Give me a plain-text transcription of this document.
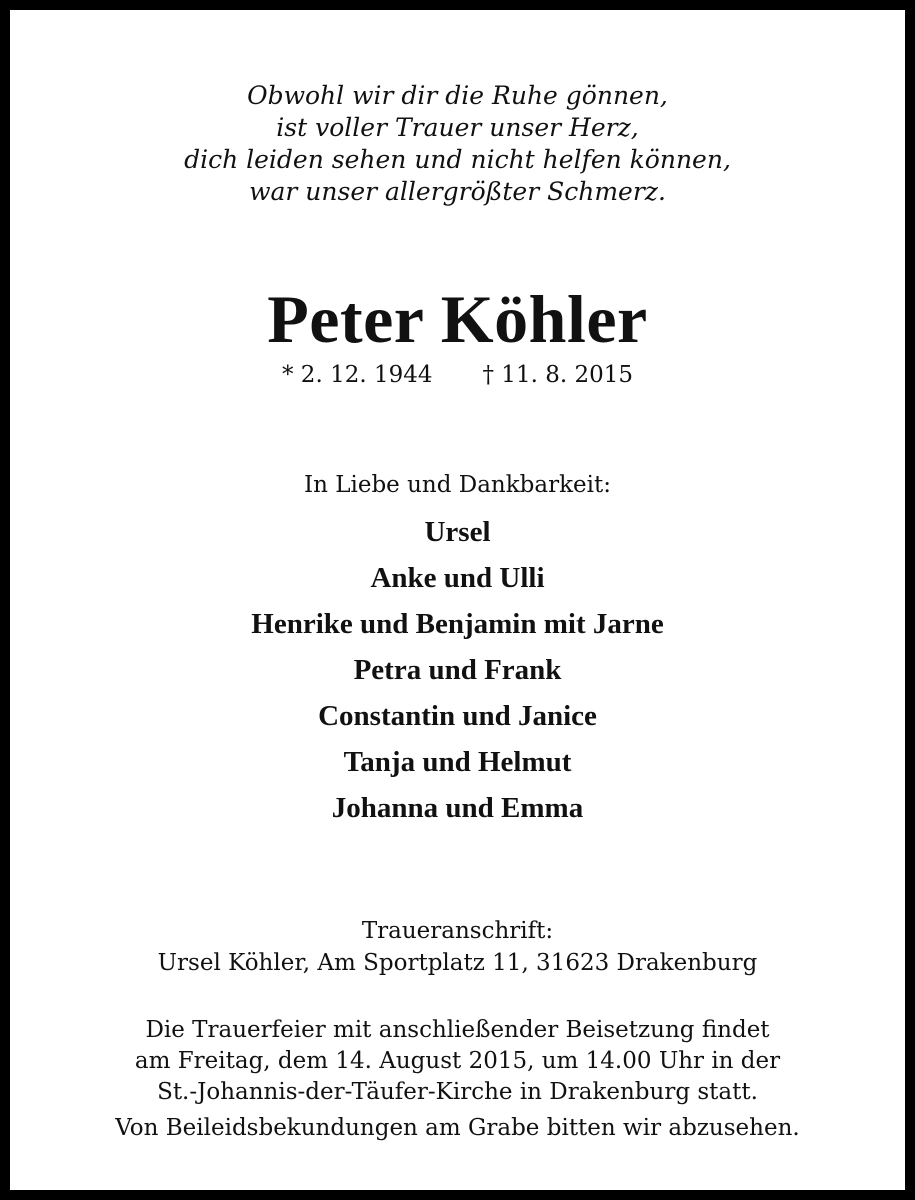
Obwohl wir dir die Ruhe gönnen,
ist voller Trauer unser Herz,
dich leiden sehen und nicht helfen können,
war unser allergrößter Schmerz.
Peter Köhler
* 2. 12. 1944 † 11. 8. 2015
In Liebe und Dankbarkeit:
Ursel
Anke und Ulli
Henrike und Benjamin mit Jarne
Petra und Frank
Constantin und Janice
Tanja und Helmut
Johanna und Emma
Traueranschrift:
Ursel Köhler, Am Sportplatz 11, 31623 Drakenburg
Die Trauerfeier mit anschließender Beisetzung findet
am Freitag, dem 14. August 2015, um 14.00 Uhr in der
St.-Johannis-der-Täufer-Kirche in Drakenburg statt.
Von Beileidsbekundungen am Grabe bitten wir abzusehen.
